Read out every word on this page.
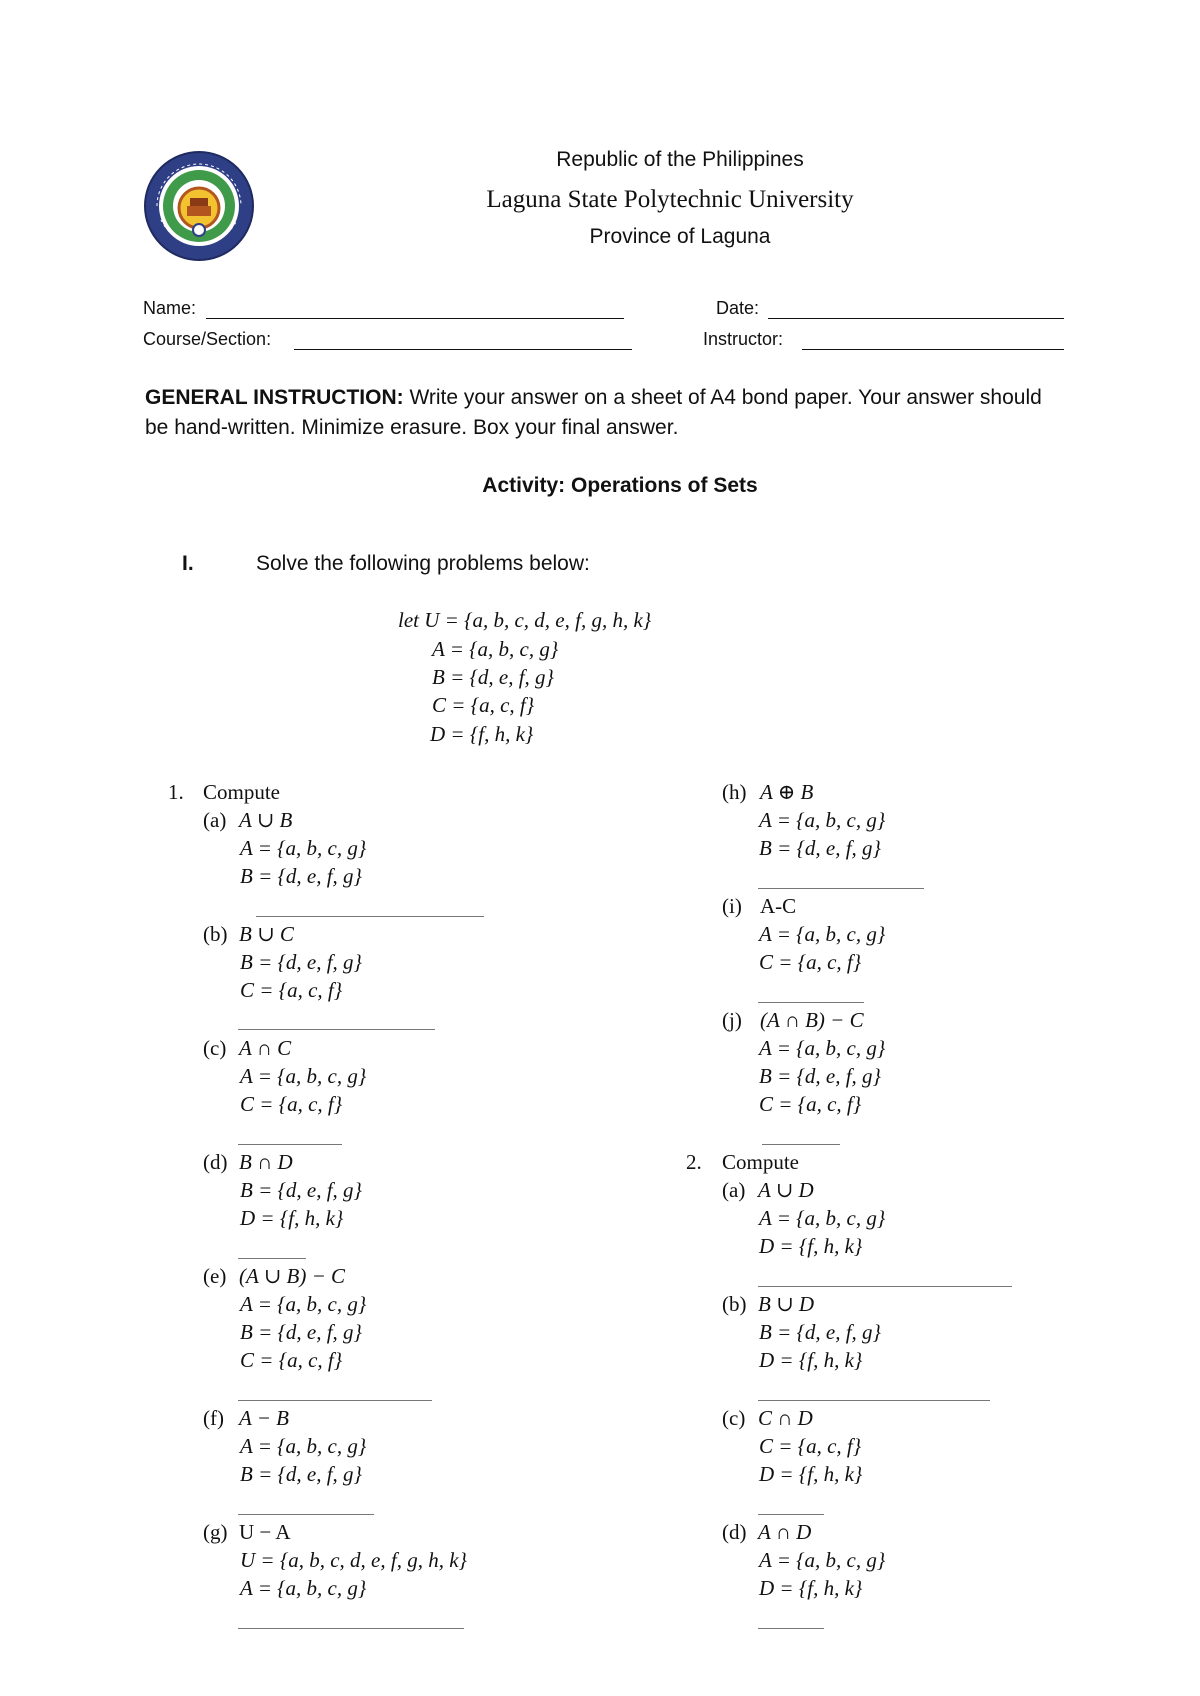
Republic of the Philippines
Laguna State Polytechnic University
Province of Laguna
Name:	Date:
Course/Section:	Instructor:
GENERAL INSTRUCTION: Write your answer on a sheet of A4 bond paper. Your answer should be hand-written. Minimize erasure. Box your final answer.
Activity: Operations of Sets
I.	Solve the following problems below:
let U = {a, b, c, d, e, f, g, h, k}
A = {a, b, c, g}
B = {d, e, f, g}
C = {a, c, f}
D = {f, h, k}
1. Compute
(a) A ∪ B
A = {a, b, c, g}
B = {d, e, f, g}
(b) B ∪ C
B = {d, e, f, g}
C = {a, c, f}
(c) A ∩ C
A = {a, b, c, g}
C = {a, c, f}
(d) B ∩ D
B = {d, e, f, g}
D = {f, h, k}
(e) (A ∪ B) − C
A = {a, b, c, g}
B = {d, e, f, g}
C = {a, c, f}
(f) A − B
A = {a, b, c, g}
B = {d, e, f, g}
(g) U − A
U = {a, b, c, d, e, f, g, h, k}
A = {a, b, c, g}
(h) A ⊕ B
A = {a, b, c, g}
B = {d, e, f, g}
(i) A-C
A = {a, b, c, g}
C = {a, c, f}
(j) (A ∩ B) − C
A = {a, b, c, g}
B = {d, e, f, g}
C = {a, c, f}
2. Compute
(a) A ∪ D
A = {a, b, c, g}
D = {f, h, k}
(b) B ∪ D
B = {d, e, f, g}
D = {f, h, k}
(c) C ∩ D
C = {a, c, f}
D = {f, h, k}
(d) A ∩ D
A = {a, b, c, g}
D = {f, h, k}
